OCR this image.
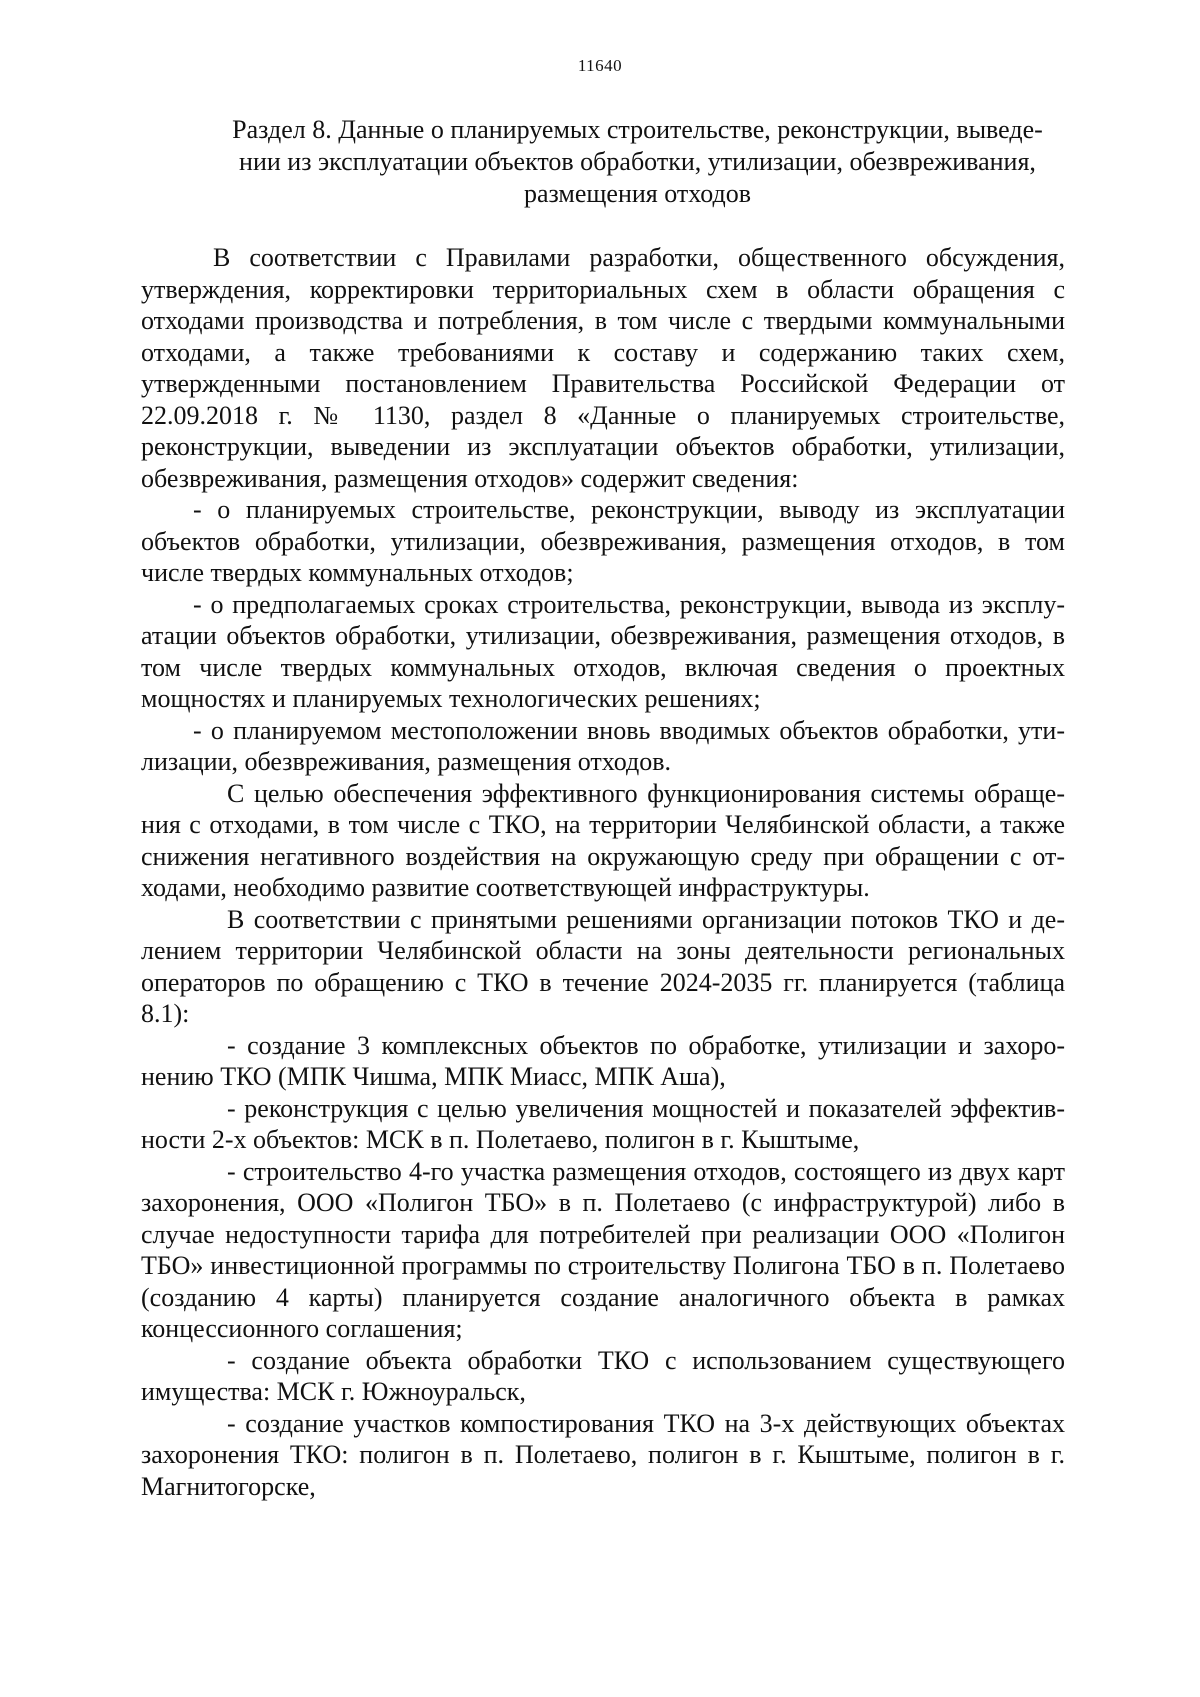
11640
Раздел 8. Данные о планируемых строительстве, реконструкции, выведе-
нии из эксплуатации объектов обработки, утилизации, обезвреживания,
размещения отходов

В соответствии с Правилами разработки, общественного обсуждения, утверждения, корректировки территориальных схем в области обращения с отходами производства и потребления, в том числе с твердыми коммунальными отходами, а также требованиями к составу и содержанию таких схем, утвержденными постановлением Правительства Российской Федерации от 22.09.2018 г. № 1130, раздел 8 «Данные о планируемых строительстве, реконструкции, выведении из эксплуатации объектов обработки, утилизации, обезвреживания, размещения отходов» содержит сведения:

- о планируемых строительстве, реконструкции, выводу из эксплуатации объектов обработки, утилизации, обезвреживания, размещения отходов, в том числе твердых коммунальных отходов;

- о предполагаемых сроках строительства, реконструкции, вывода из эксплу-атации объектов обработки, утилизации, обезвреживания, размещения отходов, в том числе твердых коммунальных отходов, включая сведения о проектных мощностях и планируемых технологических решениях;

- о планируемом местоположении вновь вводимых объектов обработки, ути-лизации, обезвреживания, размещения отходов.

С целью обеспечения эффективного функционирования системы обраще-ния с отходами, в том числе с ТКО, на территории Челябинской области, а также снижения негативного воздействия на окружающую среду при обращении с от-ходами, необходимо развитие соответствующей инфраструктуры.

В соответствии с принятыми решениями организации потоков ТКО и де-лением территории Челябинской области на зоны деятельности региональных операторов по обращению с ТКО в течение 2024-2035 гг. планируется (таблица 8.1):

- создание 3 комплексных объектов по обработке, утилизации и захоро-нению ТКО (МПК Чишма, МПК Миасс, МПК Аша),

- реконструкция с целью увеличения мощностей и показателей эффектив-ности 2-х объектов: МСК в п. Полетаево, полигон в г. Кыштыме,

- строительство 4-го участка размещения отходов, состоящего из двух карт захоронения, ООО «Полигон ТБО» в п. Полетаево (с инфраструктурой) либо в случае недоступности тарифа для потребителей при реализации ООО «Полигон ТБО» инвестиционной программы по строительству Полигона ТБО в п. Полетаево (созданию 4 карты) планируется создание аналогичного объекта в рамках концессионного соглашения;

- создание объекта обработки ТКО с использованием существующего имущества: МСК г. Южноуральск,

- создание участков компостирования ТКО на 3-х действующих объектах захоронения ТКО: полигон в п. Полетаево, полигон в г. Кыштыме, полигон в г. Магнитогорске,
